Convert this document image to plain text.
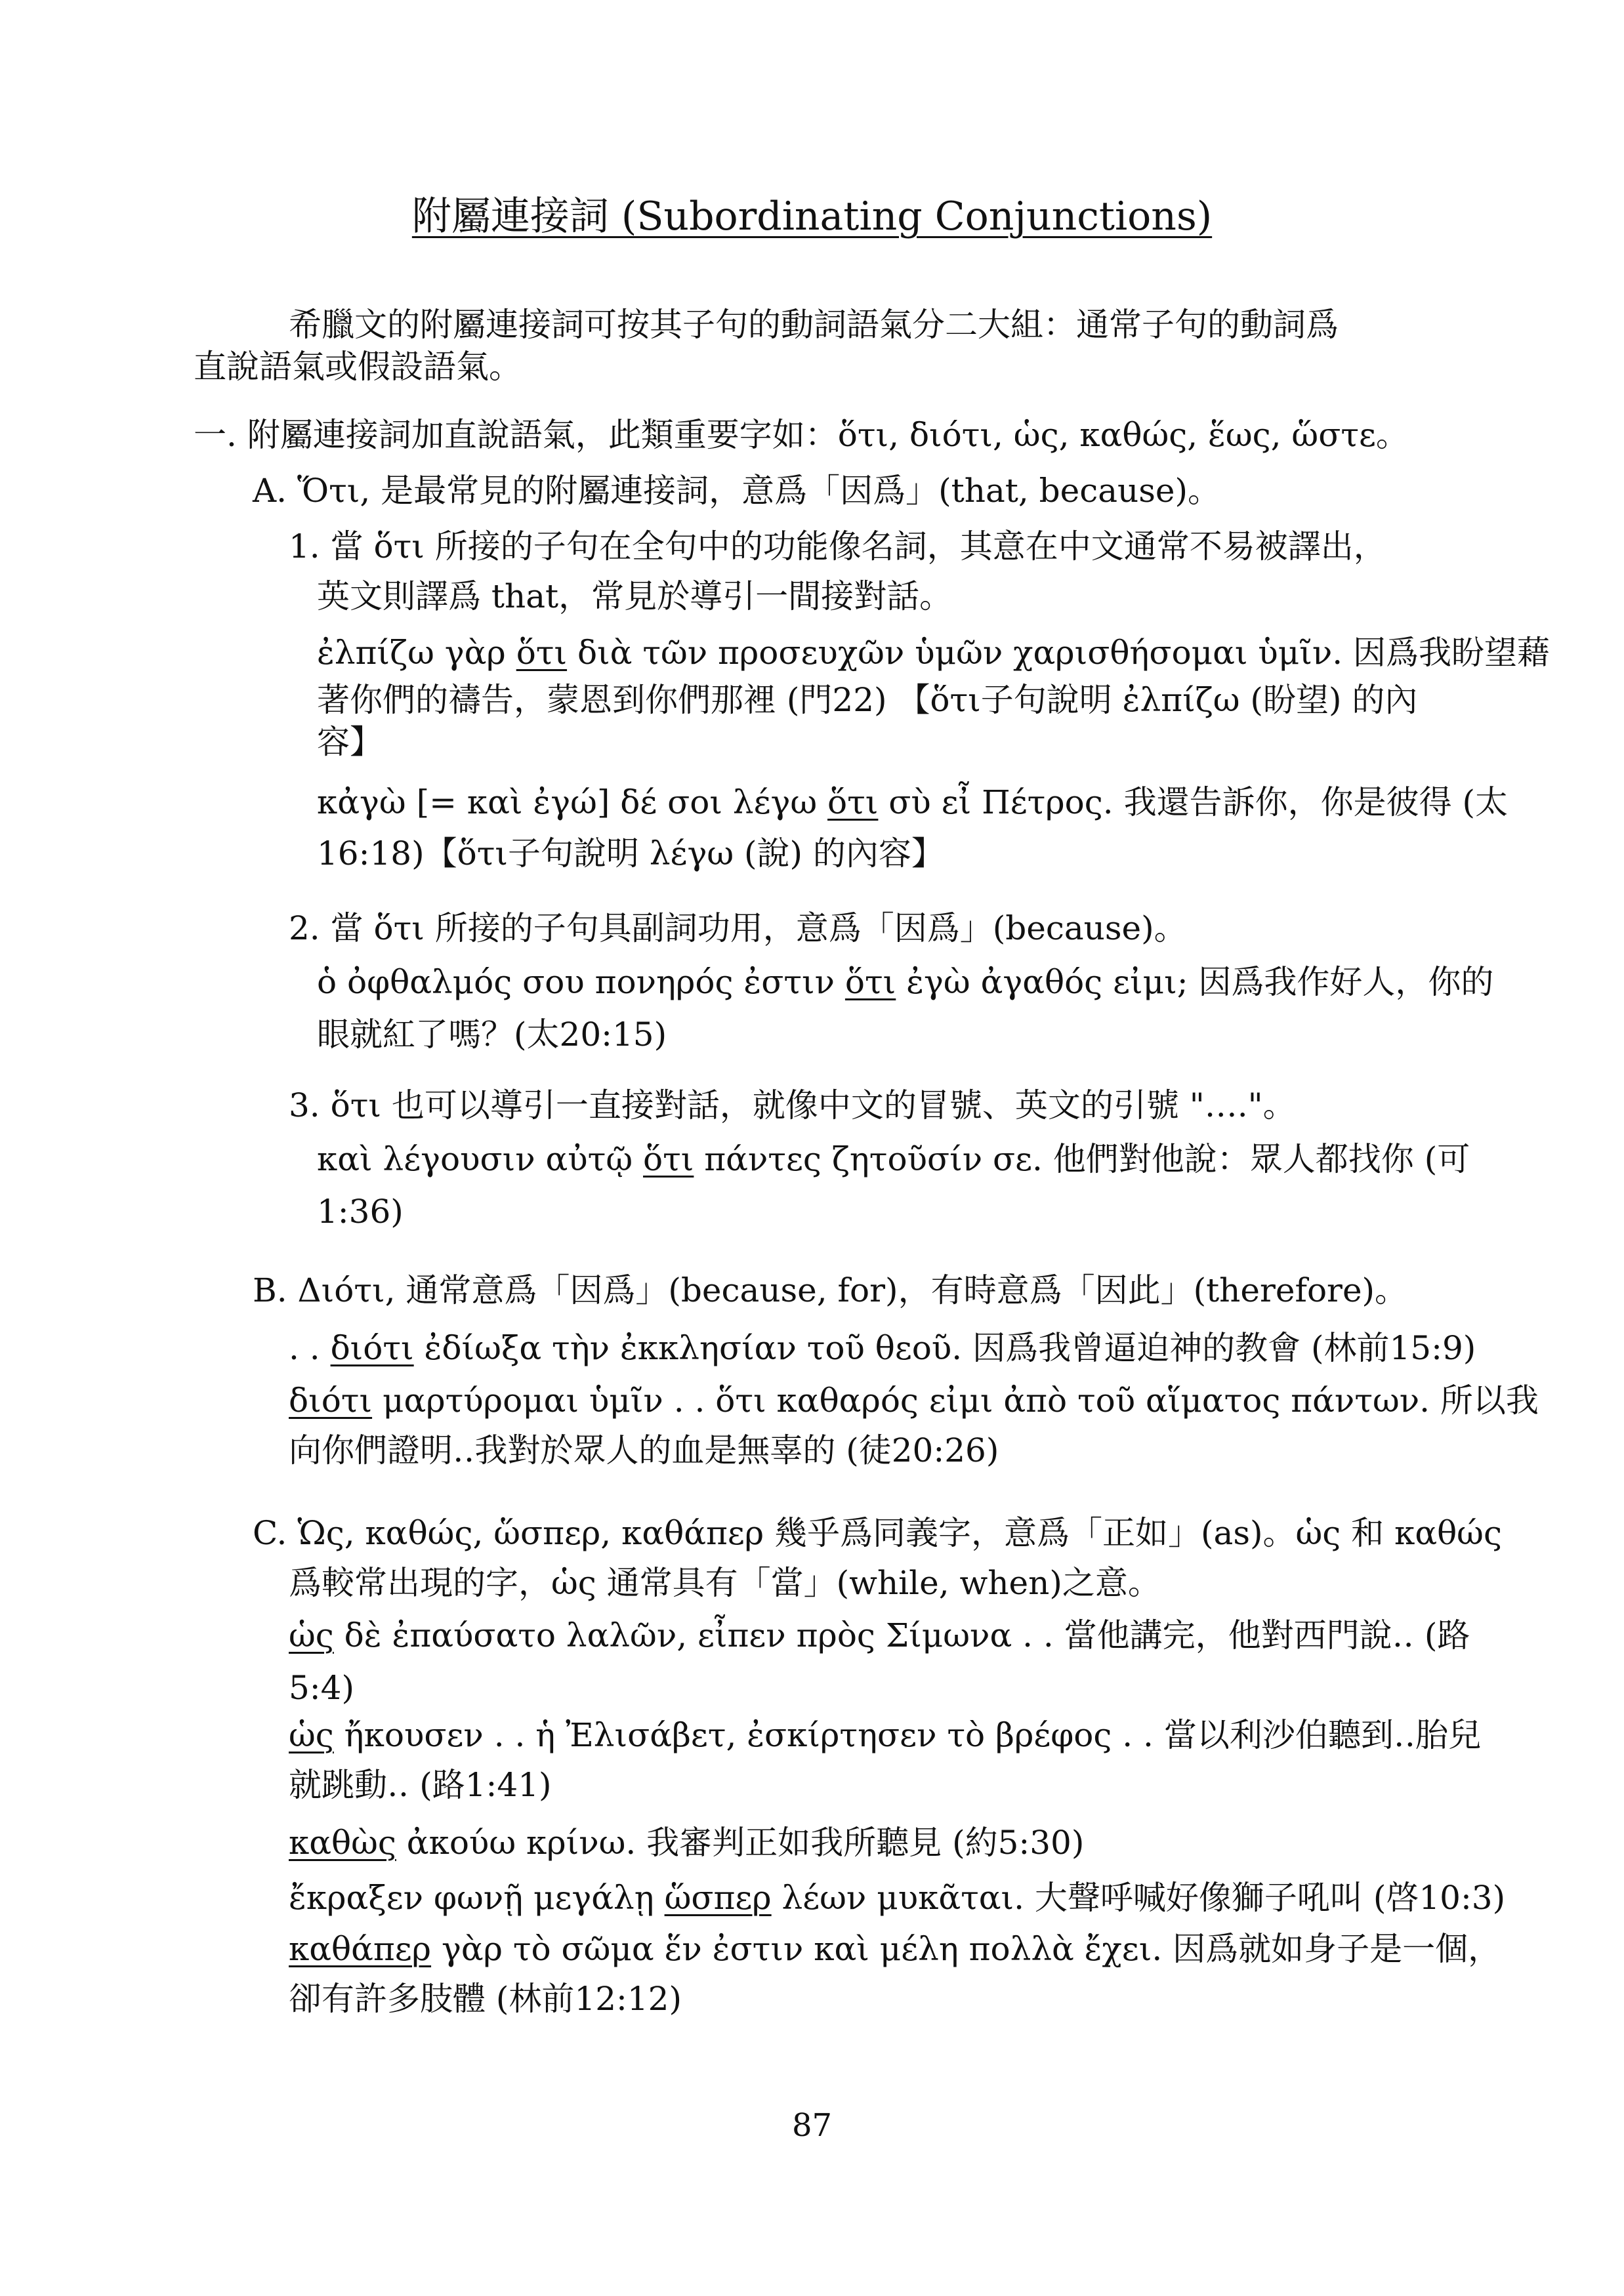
附屬連接詞 (Subordinating Conjunctions)
希臘文的附屬連接詞可按其子句的動詞語氣分二大組：通常子句的動詞爲
直說語氣或假設語氣。
一. 附屬連接詞加直說語氣，此類重要字如：ὅτι, διότι, ὡς, καθώς, ἕως, ὥστε。
A. Ὅτι, 是最常見的附屬連接詞，意爲「因爲」(that, because)。
1. 當 ὅτι 所接的子句在全句中的功能像名詞，其意在中文通常不易被譯出，
英文則譯爲 that，常見於導引一間接對話。
ἐλπίζω γὰρ ὅτι διὰ τῶν προσευχῶν ὑμῶν χαρισθήσομαι ὑμῖν. 因爲我盼望藉
著你們的禱告，蒙恩到你們那裡 (門22) 【ὅτι子句說明 ἐλπίζω (盼望) 的內
容】
κἀγὼ [= καὶ ἐγώ] δέ σοι λέγω ὅτι σὺ εἶ Πέτρος. 我還告訴你，你是彼得 (太
16:18)【ὅτι子句說明 λέγω (說) 的內容】
2. 當 ὅτι 所接的子句具副詞功用，意爲「因爲」(because)。
ὁ ὀφθαλμός σου πονηρός ἐστιν ὅτι ἐγὼ ἀγαθός εἰμι; 因爲我作好人，你的
眼就紅了嗎？(太20:15)
3. ὅτι 也可以導引一直接對話，就像中文的冒號、英文的引號 "…."。
καὶ λέγουσιν αὐτῷ ὅτι πάντες ζητοῦσίν σε. 他們對他說：眾人都找你 (可
1:36)
B. Διότι, 通常意爲「因爲」(because, for)，有時意爲「因此」(therefore)。
. . διότι ἐδίωξα τὴν ἐκκλησίαν τοῦ θεοῦ. 因爲我曾逼迫神的教會 (林前15:9)
διότι μαρτύρομαι ὑμῖν . . ὅτι καθαρός εἰμι ἀπὸ τοῦ αἵματος πάντων. 所以我
向你們證明‥我對於眾人的血是無辜的 (徒20:26)
C. Ὡς, καθώς, ὥσπερ, καθάπερ 幾乎爲同義字，意爲「正如」(as)。ὡς 和 καθώς
爲較常出現的字，ὡς 通常具有「當」(while, when)之意。
ὡς δὲ ἐπαύσατο λαλῶν, εἶπεν πρὸς Σίμωνα . . 當他講完，他對西門說‥ (路
5:4)
ὡς ἤκουσεν . . ἡ Ἐλισάβετ, ἐσκίρτησεν τὸ βρέφος . . 當以利沙伯聽到‥胎兒
就跳動‥ (路1:41)
καθὼς ἀκούω κρίνω. 我審判正如我所聽見 (約5:30)
ἔκραξεν φωνῇ μεγάλῃ ὥσπερ λέων μυκᾶται. 大聲呼喊好像獅子吼叫 (啓10:3)
καθάπερ γὰρ τὸ σῶμα ἕν ἐστιν καὶ μέλη πολλὰ ἔχει. 因爲就如身子是一個，
卻有許多肢體 (林前12:12)
87
